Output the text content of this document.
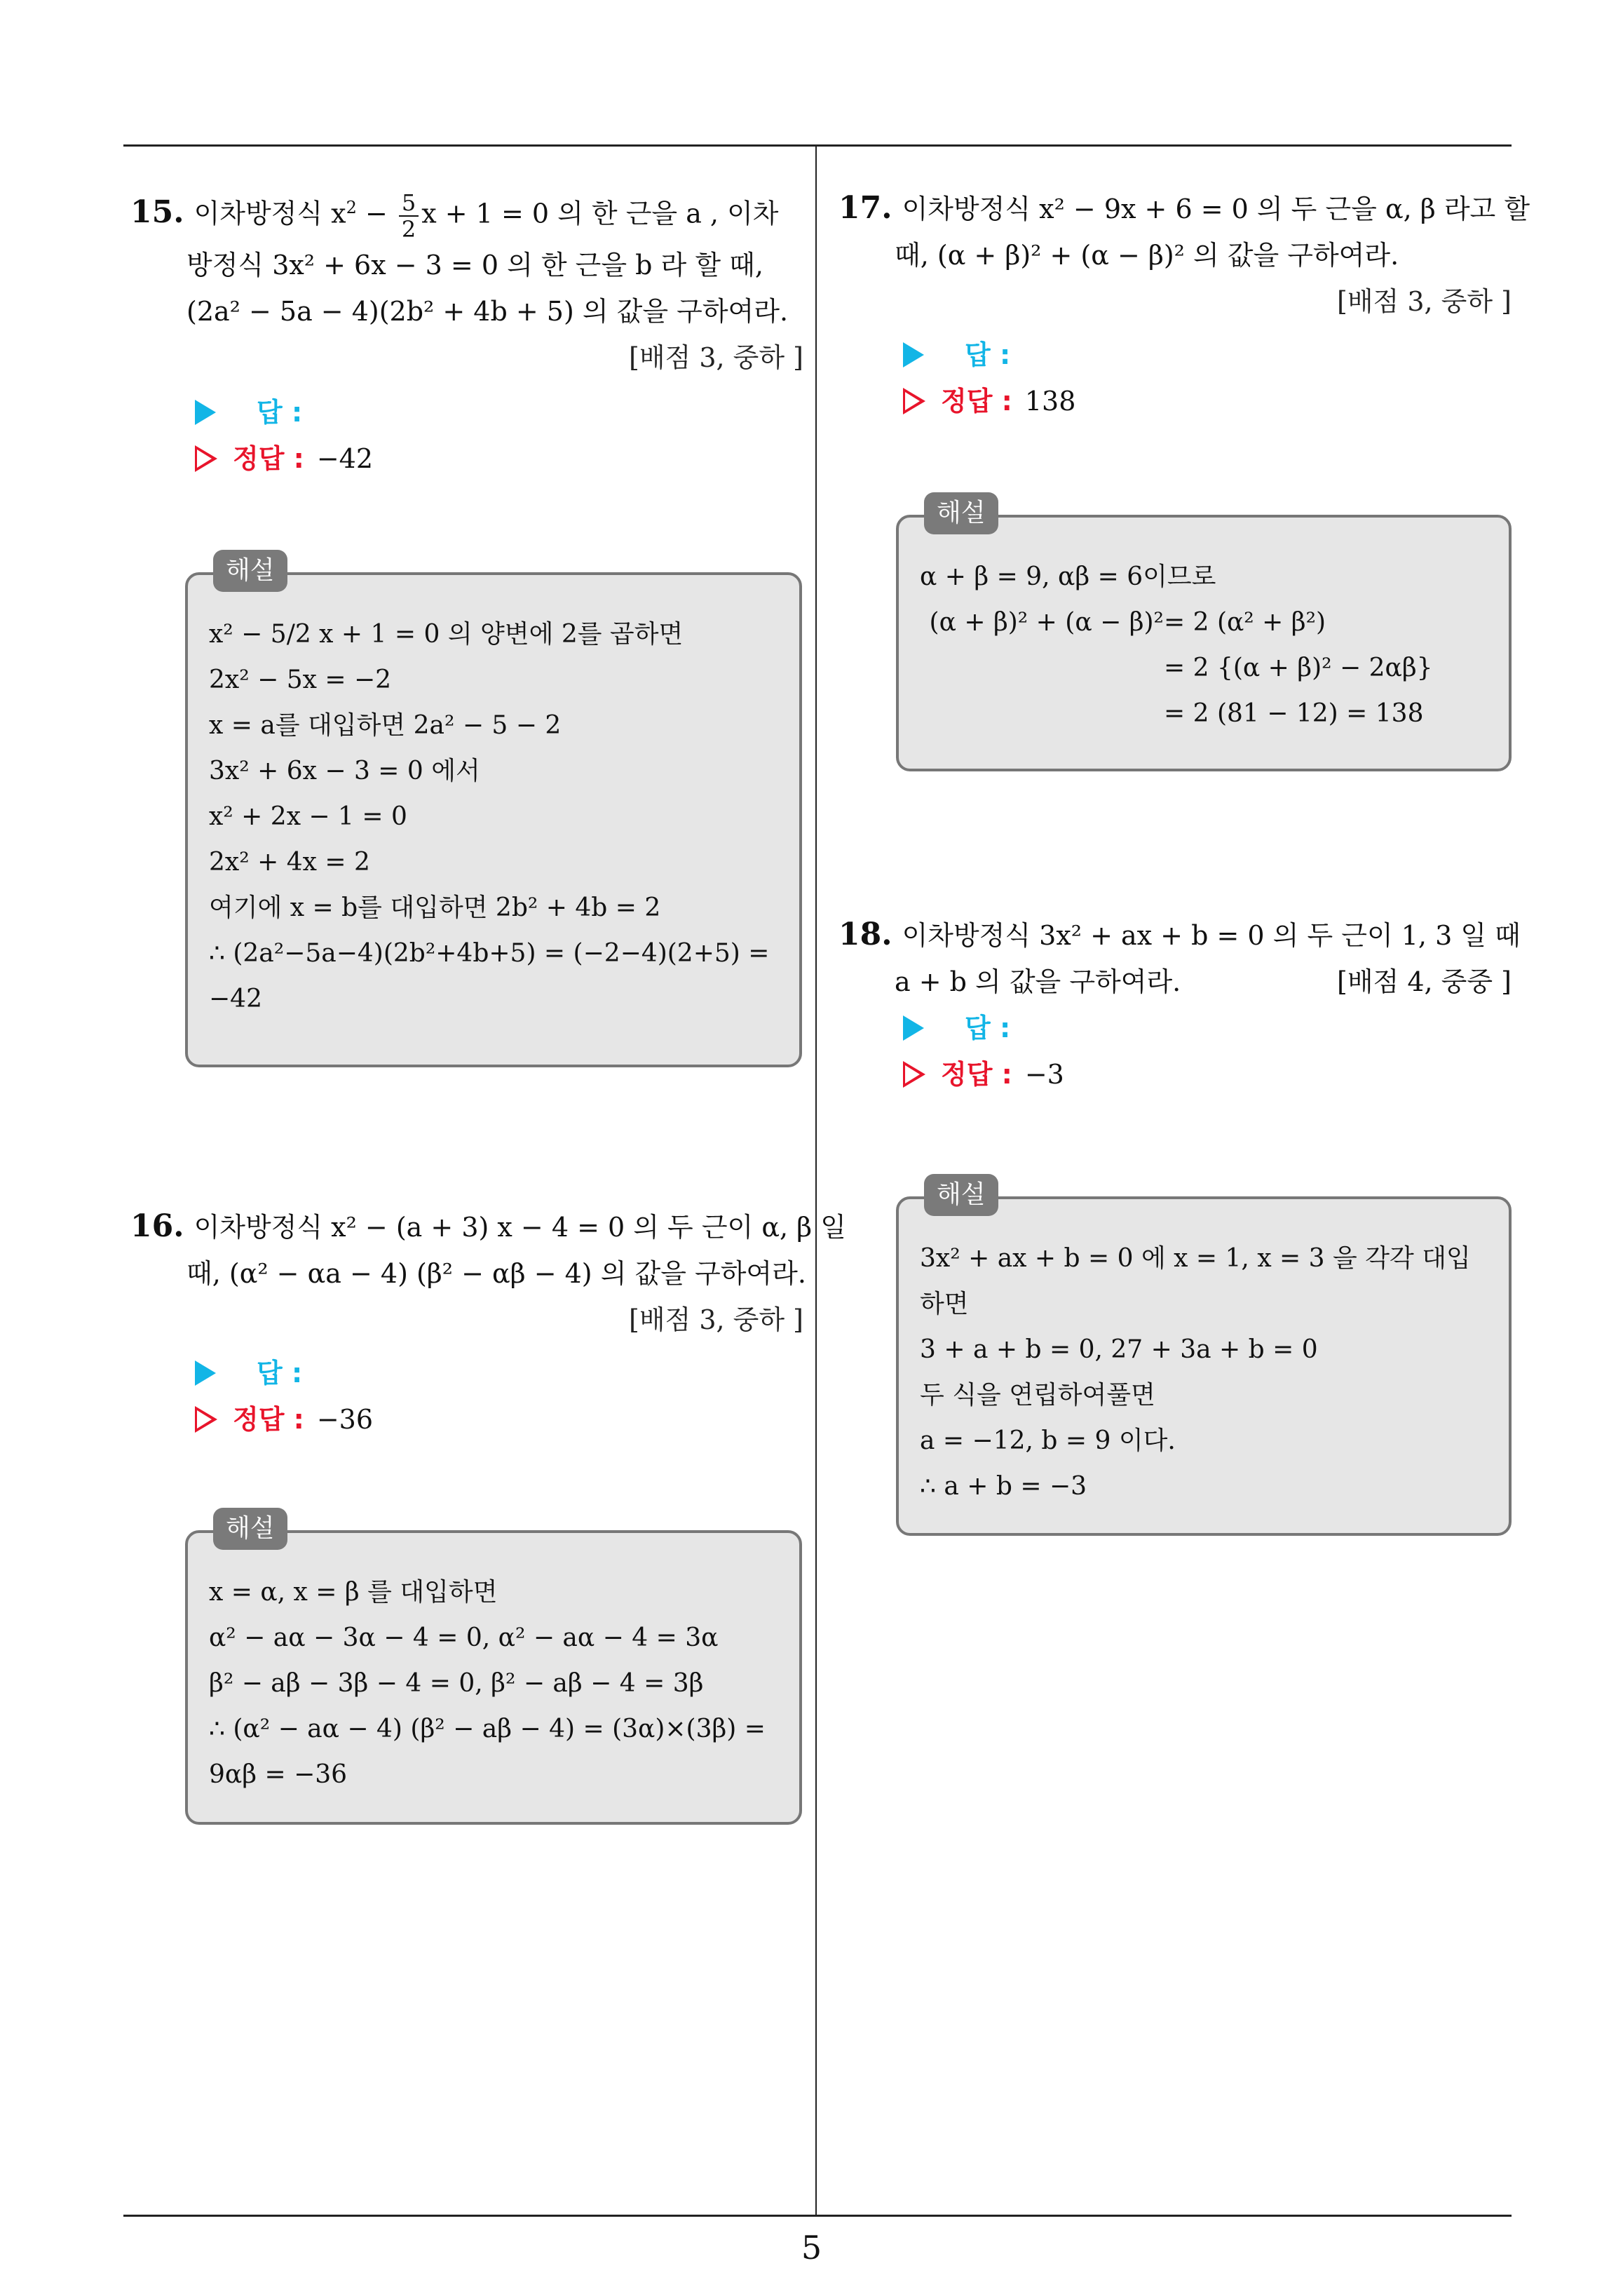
15. 이차방정식 $x^2 - \frac{5}{2}$ x + 1 = 0 의 한 근을 a , 이차
방정식 3x² + 6x − 3 = 0 의 한 근을 b 라 할 때,
(2a² − 5a − 4)(2b² + 4b + 5) 의 값을 구하여라.
[배점 3, 중하 ]
답 :
정답 : −42
해설
x² − 5/2 x + 1 = 0 의 양변에 2를 곱하면
2x² − 5x = −2
x = a를 대입하면 2a² − 5 − 2
3x² + 6x − 3 = 0 에서
x² + 2x − 1 = 0
2x² + 4x = 2
여기에 x = b를 대입하면 2b² + 4b = 2
∴ (2a²−5a−4)(2b²+4b+5) = (−2−4)(2+5) =
−42
16. 이차방정식 x² − (a + 3) x − 4 = 0 의 두 근이 α, β 일
때, (α² − αa − 4) (β² − αβ − 4) 의 값을 구하여라.
[배점 3, 중하 ]
답 :
정답 : −36
해설
x = α, x = β 를 대입하면
α² − aα − 3α − 4 = 0, α² − aα − 4 = 3α
β² − aβ − 3β − 4 = 0, β² − aβ − 4 = 3β
∴ (α² − aα − 4) (β² − aβ − 4) = (3α)×(3β) =
9αβ = −36
17. 이차방정식 x² − 9x + 6 = 0 의 두 근을 α, β 라고 할
때, (α + β)² + (α − β)² 의 값을 구하여라.
[배점 3, 중하 ]
답 :
정답 : 138
해설
α + β = 9, αβ = 6이므로
(α + β)² + (α − β)² = 2 (α² + β²)
= 2 {(α + β)² − 2αβ}
= 2 (81 − 12) = 138
18. 이차방정식 3x² + ax + b = 0 의 두 근이 1, 3 일 때
a + b 의 값을 구하여라.	[배점 4, 중중 ]
답 :
정답 : −3
해설
3x² + ax + b = 0 에 x = 1, x = 3 을 각각 대입
하면
3 + a + b = 0, 27 + 3a + b = 0
두 식을 연립하여풀면
a = −12, b = 9 이다.
∴ a + b = −3
5
